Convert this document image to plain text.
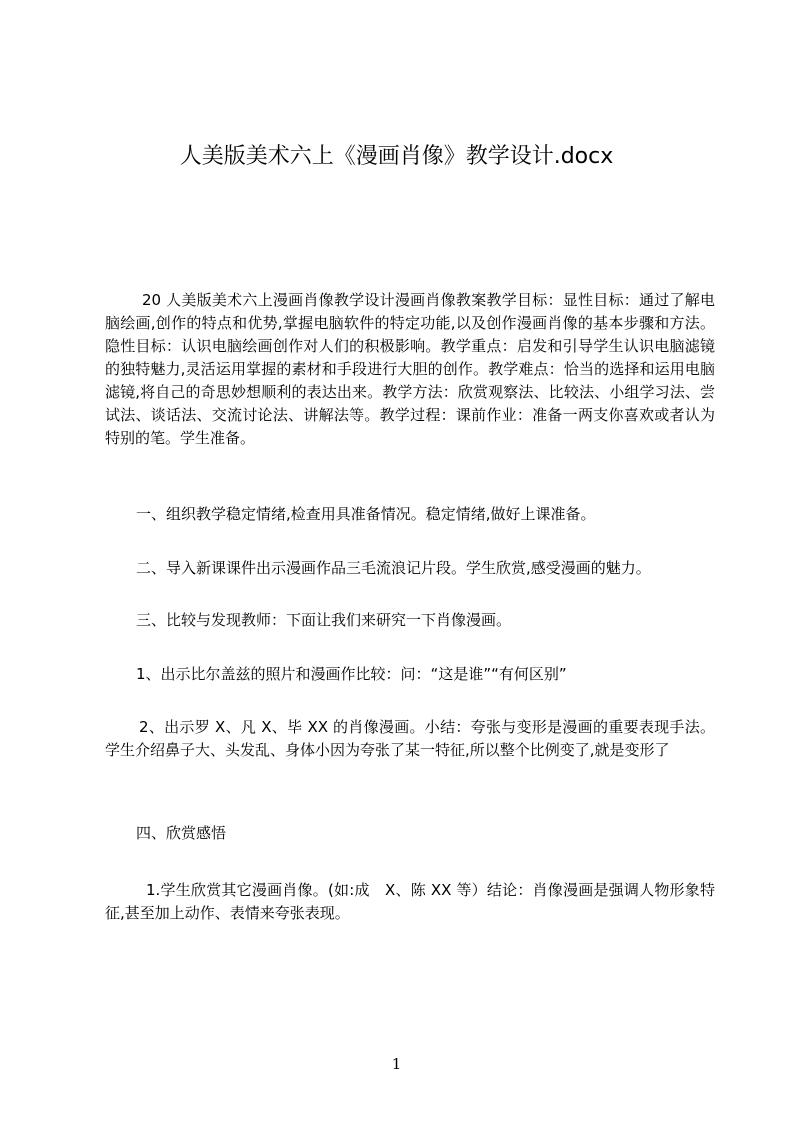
人美版美术六上《漫画肖像》教学设计.docx

20 人美版美术六上漫画肖像教学设计漫画肖像教案教学目标：显性目标：通过了解电脑绘画,创作的特点和优势,掌握电脑软件的特定功能,以及创作漫画肖像的基本步骤和方法。隐性目标：认识电脑绘画创作对人们的积极影响。教学重点：启发和引导学生认识电脑滤镜的独特魅力,灵活运用掌握的素材和手段进行大胆的创作。教学难点：恰当的选择和运用电脑滤镜,将自己的奇思妙想顺利的表达出来。教学方法：欣赏观察法、比较法、小组学习法、尝试法、谈话法、交流讨论法、讲解法等。教学过程：课前作业：准备一两支你喜欢或者认为特别的笔。学生准备。

一、组织教学稳定情绪,检查用具准备情况。稳定情绪,做好上课准备。

二、导入新课课件出示漫画作品三毛流浪记片段。学生欣赏,感受漫画的魅力。

三、比较与发现教师：下面让我们来研究一下肖像漫画。

1、出示比尔盖兹的照片和漫画作比较：问：“这是谁”“有何区别”

2、出示罗 X、凡 X、毕 XX 的肖像漫画。小结：夸张与变形是漫画的重要表现手法。学生介绍鼻子大、头发乱、身体小因为夸张了某一特征,所以整个比例变了,就是变形了

四、欣赏感悟

1.学生欣赏其它漫画肖像。(如:成　X、陈 XX 等）结论：肖像漫画是强调人物形象特征,甚至加上动作、表情来夸张表现。

1
